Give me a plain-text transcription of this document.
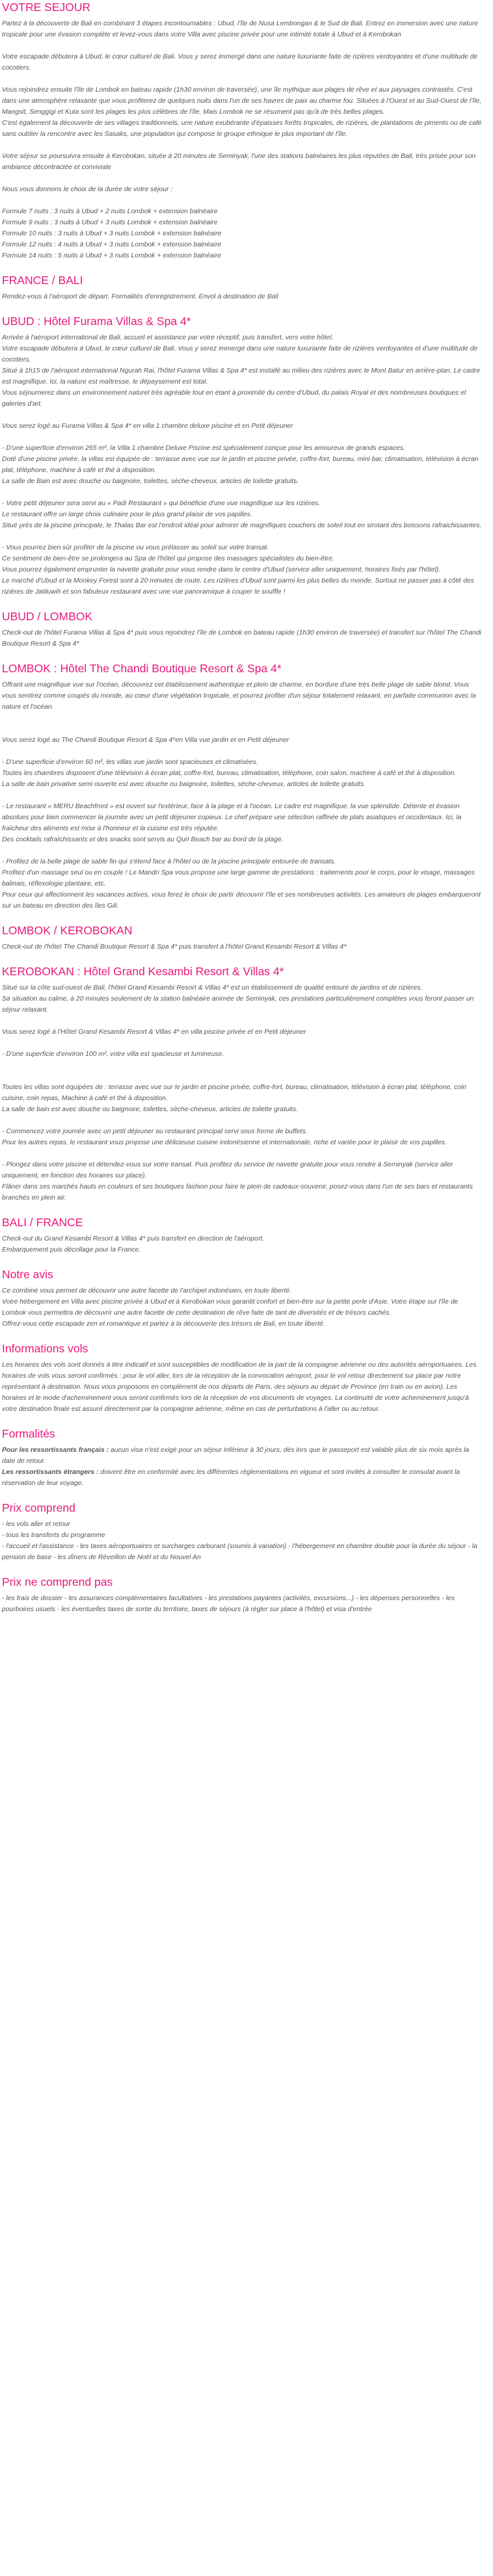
VOTRE SEJOUR
Partez à la découverte de Bali en combinant 3 étapes incontournables : Ubud, l'île de Nusa Lembongan & le Sud de Bali. Entrez en immersion avec une nature tropicale pour une évasion complète et levez-vous dans votre Villa avec piscine privée pour une intimité totale à Ubud et à Kerobokan
Votre escapade débutera à Ubud, le cœur culturel de Bali. Vous y serez immergé dans une nature luxuriante faite de rizières verdoyantes et d'une multitude de cocotiers.
Vous rejoindrez ensuite l'île de Lombok en bateau rapide (1h30 environ de traversée), une île mythique aux plages de rêve et aux paysages contrastés. C'est dans une atmosphère relaxante que vous profiterez de quelques nuits dans l'un de ses havres de paix au charme fou. Situées à l'Ouest et au Sud-Ouest de l'île, Mangsit, Senggigi et Kuta sont les plages les plus célèbres de l'île. Mais Lombok ne se résument pas qu'à de très belles plages.
C'est également la découverte de ses villages traditionnels, une nature exubérante d'épaisses forêts tropicales, de rizières, de plantations de piments ou de café sans oublier la rencontre avec les Sasaks, une population qui compose le groupe ethnique le plus important de l'île.
Votre séjour se poursuivra ensuite à Kerobokan, située à 20 minutes de Seminyak, l'une des stations balnéaires les plus réputées de Bali, très prisée pour son ambiance décontractée et conviviale
Nous vous donnons le choix de la durée de votre séjour :
Formule 7 nuits : 3 nuits à Ubud + 2 nuits Lombok + extension balnéaire
Formule 9 nuits : 3 nuits à Ubud + 3 nuits Lombok + extension balnéaire
Formule 10 nuits : 3 nuits à Ubud + 3 nuits Lombok + extension balnéaire
Formule 12 nuits : 4 nuits à Ubud + 3 nuits Lombok + extension balnéaire
Formule 14 nuits : 5 nuits à Ubud + 3 nuits Lombok + extension balnéaire
FRANCE / BALI
Rendez-vous à l'aéroport de départ. Formalités d'enregistrement. Envol à destination de Bali
UBUD : Hôtel Furama Villas & Spa 4*
Arrivée à l'aéroport international de Bali, accueil et assistance par votre réceptif, puis transfert, vers votre hôtel.
Votre escapade débutera à Ubud, le cœur culturel de Bali. Vous y serez immergé dans une nature luxuriante faite de rizières verdoyantes et d'une multitude de cocotiers.
Situé à 1h15 de l'aéroport international Ngurah Rai, l'hôtel Furama Villas & Spa 4* est installé au milieu des rizières avec le Mont Batur en arrière-plan. Le cadre est magnifique. Ici, la nature est maîtresse, le dépaysement est total.
Vous séjournerez dans un environnement naturel très agréable tout en étant à proximité du centre d'Ubud, du palais Royal et des nombreuses boutiques et galeries d'art.
Vous serez logé au Furama Villas & Spa 4* en villa 1 chambre deluxe piscine et en Petit déjeuner
- D'une superficie d'environ 265 m², la Villa 1 chambre Deluxe Piscine est spécialement conçue pour les amoureux de grands espaces.
Doté d'une piscine privée, la villas est équipée de : terrasse avec vue sur le jardin et piscine privée, coffre-fort, bureau, mini bar, climatisation, télévision à écran plat, téléphone, machine à café et thé à disposition.
La salle de Bain est avec douche ou baignoire, toilettes, sèche-cheveux, articles de toilette gratuits.
- Votre petit déjeuner sera servi au « Padi Restaurant » qui bénéficie d'une vue magnifique sur les rizières.
Le restaurant offre un large choix culinaire pour le plus grand plaisir de vos papilles.
Situé près de la piscine principale, le Thalas Bar est l'endroit idéal pour admirer de magnifiques couchers de soleil tout en sirotant des boissons rafraichissantes.
- Vous pourrez bien sûr profiter de la piscine ou vous prélasser au soleil sur votre transat.
Ce sentiment de bien-être se prolongera au Spa de l'hôtel qui propose des massages spécialistes du bien-être.
Vous pourrez également emprunter la navette gratuite pour vous rendre dans le centre d'Ubud (service aller uniquement, horaires fixés par l'hôtel).
Le marché d'Ubud et la Monkey Forest sont à 20 minutes de route. Les rizières d'Ubud sont parmi les plus belles du monde. Surtout ne passer pas à côté des rizières de Jatiluwih et son fabuleux restaurant avec une vue panoramique à couper le souffle !
UBUD / LOMBOK
Check-out de l'hôtel Furama Villas & Spa 4* puis vous rejoindrez l'île de Lombok en bateau rapide (1h30 environ de traversée) et transfert sur l'hôtel The Chandi Boutique Resort & Spa 4*
LOMBOK : Hôtel The Chandi Boutique Resort & Spa 4*
Offrant une magnifique vue sur l'océan, découvrez cet établissement authentique et plein de charme, en bordure d'une très belle plage de sable blond. Vous vous sentirez comme coupés du monde, au cœur d'une végétation tropicale, et pourrez profiter d'un séjour totalement relaxant, en parfaite communion avec la nature et l'océan.
Vous serez logé au The Chandi Boutique Resort & Spa 4*en Villa vue jardin et en Petit déjeuner
- D'une superficie d'environ 60 m², les villas vue jardin sont spacieuses et climatisées.
Toutes les chambres disposent d'une télévision à écran plat, coffre-fort, bureau, climatisation, téléphone, coin salon, machine à café et thé à disposition.
La salle de bain privative semi ouverte est avec douche ou baignoire, toilettes, sèche-cheveux, articles de toilette gratuits.
- Le restaurant « MERU Beachfront » est ouvert sur l'extérieur, face à la plage et à l'océan. Le cadre est magnifique, la vue splendide. Détente et évasion absolues pour bien commencer la journée avec un petit déjeuner copieux. Le chef prépare une sélection raffinée de plats asiatiques et occidentaux. Ici, la fraîcheur des aliments est mise à l'honneur et la cuisine est très réputée.
Des cocktails rafraîchissants et des snacks sont servis au Quri Beach bar au bord de la plage.
- Profitez de la belle plage de sable fin qui s'étend face à l'hôtel ou de la piscine principale entourée de transats.
Profitez d'un massage seul ou en couple ! Le Mandri Spa vous propose une large gamme de prestations : traitements pour le corps, pour le visage, massages balinais, réflexologie plantaire, etc.
Pour ceux qui affectionnent les vacances actives, vous ferez le choix de partir découvrir l'île et ses nombreuses activités. Les amateurs de plages embarqueront sur un bateau en direction des îles Gili.
LOMBOK / KEROBOKAN
Check-out de l'hôtel The Chandi Boutique Resort & Spa 4* puis transfert à l'hôtel Grand Kesambi Resort & Villas 4*
KEROBOKAN : Hôtel Grand Kesambi Resort & Villas 4*
Situé sur la côte sud-ouest de Bali, l'hôtel Grand Kesambi Resort & Villas 4* est un établissement de qualité entouré de jardins et de rizières.
Sa situation au calme, à 20 minutes seulement de la station balnéaire animée de Seminyak, ces prestations particulièrement complètes vous feront passer un séjour relaxant.
Vous serez logé à l'Hôtel Grand Kesambi Resort & Villas 4* en villa piscine privée et en Petit déjeuner
- D'une superficie d'environ 100 m², votre villa est spacieuse et lumineuse.
Toutes les villas sont équipées de : terrasse avec vue sur le jardin et piscine privée, coffre-fort, bureau, climatisation, télévision à écran plat, téléphone, coin cuisine, coin repas, Machine à café et thé à disposition.
La salle de bain est avec douche ou baignoire, toilettes, sèche-cheveux, articles de toilette gratuits.
- Commencez votre journée avec un petit déjeuner au restaurant principal servi sous forme de buffets.
Pour les autres repas, le restaurant vous propose une délicieuse cuisine indonésienne et internationale, riche et variée pour le plaisir de vos papilles.
- Plongez dans votre piscine et détendez-vous sur votre transat. Puis profitez du service de navette gratuite pour vous rendre à Seminyak (service aller uniquement, en fonction des horaires sur place).
Flâner dans ses marchés hauts en couleurs et ses boutiques fashion pour faire le plein de cadeaux-souvenir, posez-vous dans l'un de ses bars et restaurants branchés en plein air.
BALI / FRANCE
Check-out du Grand Kesambi Resort & Villas 4* puis transfert en direction de l'aéroport.
Embarquement puis décollage pour la France.
Notre avis
Ce combiné vous permet de découvrir une autre facette de l'archipel indonésien, en toute liberté.
Votre hébergement en Villa avec piscine privée à Ubud et à Kerobokan vous garantit confort et bien-être sur la petite perle d'Asie. Votre étape sur l'île de Lombok vous permettra de découvrir une autre facette de cette destination de rêve faite de tant de diversités et de trésors cachés.
Offrez-vous cette escapade zen et romantique et partez à la découverte des trésors de Bali, en toute liberté.
Informations vols
Les horaires des vols sont donnés à titre indicatif et sont susceptibles de modification de la part de la compagnie aérienne ou des autorités aéroportuaires. Les horaires de vols vous seront confirmés : pour le vol aller, lors de la réception de la convocation aéroport, pour le vol retour directement sur place par notre représentant à destination. Nous vous proposons en complément de nos départs de Paris, des séjours au départ de Province (en train ou en avion). Les horaires et le mode d'acheminement vous seront confirmés lors de la réception de vos documents de voyages. La continuité de votre acheminement jusqu'à votre destination finale est assuré directement par la compagnie aérienne, même en cas de perturbations à l'aller ou au retour.
Formalités
Pour les ressortissants français : aucun visa n'est exigé pour un séjour inférieur à 30 jours, dès lors que le passeport est valable plus de six mois après la date de retour.
Les ressortissants étrangers : doivent être en conformité avec les différentes réglementations en vigueur et sont invités à consulter le consulat avant la réservation de leur voyage.
Prix comprend
- les vols aller et retour
- tous les transferts du programme
- l'accueil et l'assistance - les taxes aéroportuaires et surcharges carburant (soumis à variation) - l'hébergement en chambre double pour la durée du séjour - la pension de base - les dîners de Réveillon de Noël et du Nouvel An
Prix ne comprend pas
- les frais de dossier - les assurances complémentaires facultatives - les prestations payantes (activités, excursions...) - les dépenses personnelles - les pourboires usuels - les éventuelles taxes de sortie du territoire, taxes de séjours (à régler sur place à l'hôtel) et visa d'entrée
